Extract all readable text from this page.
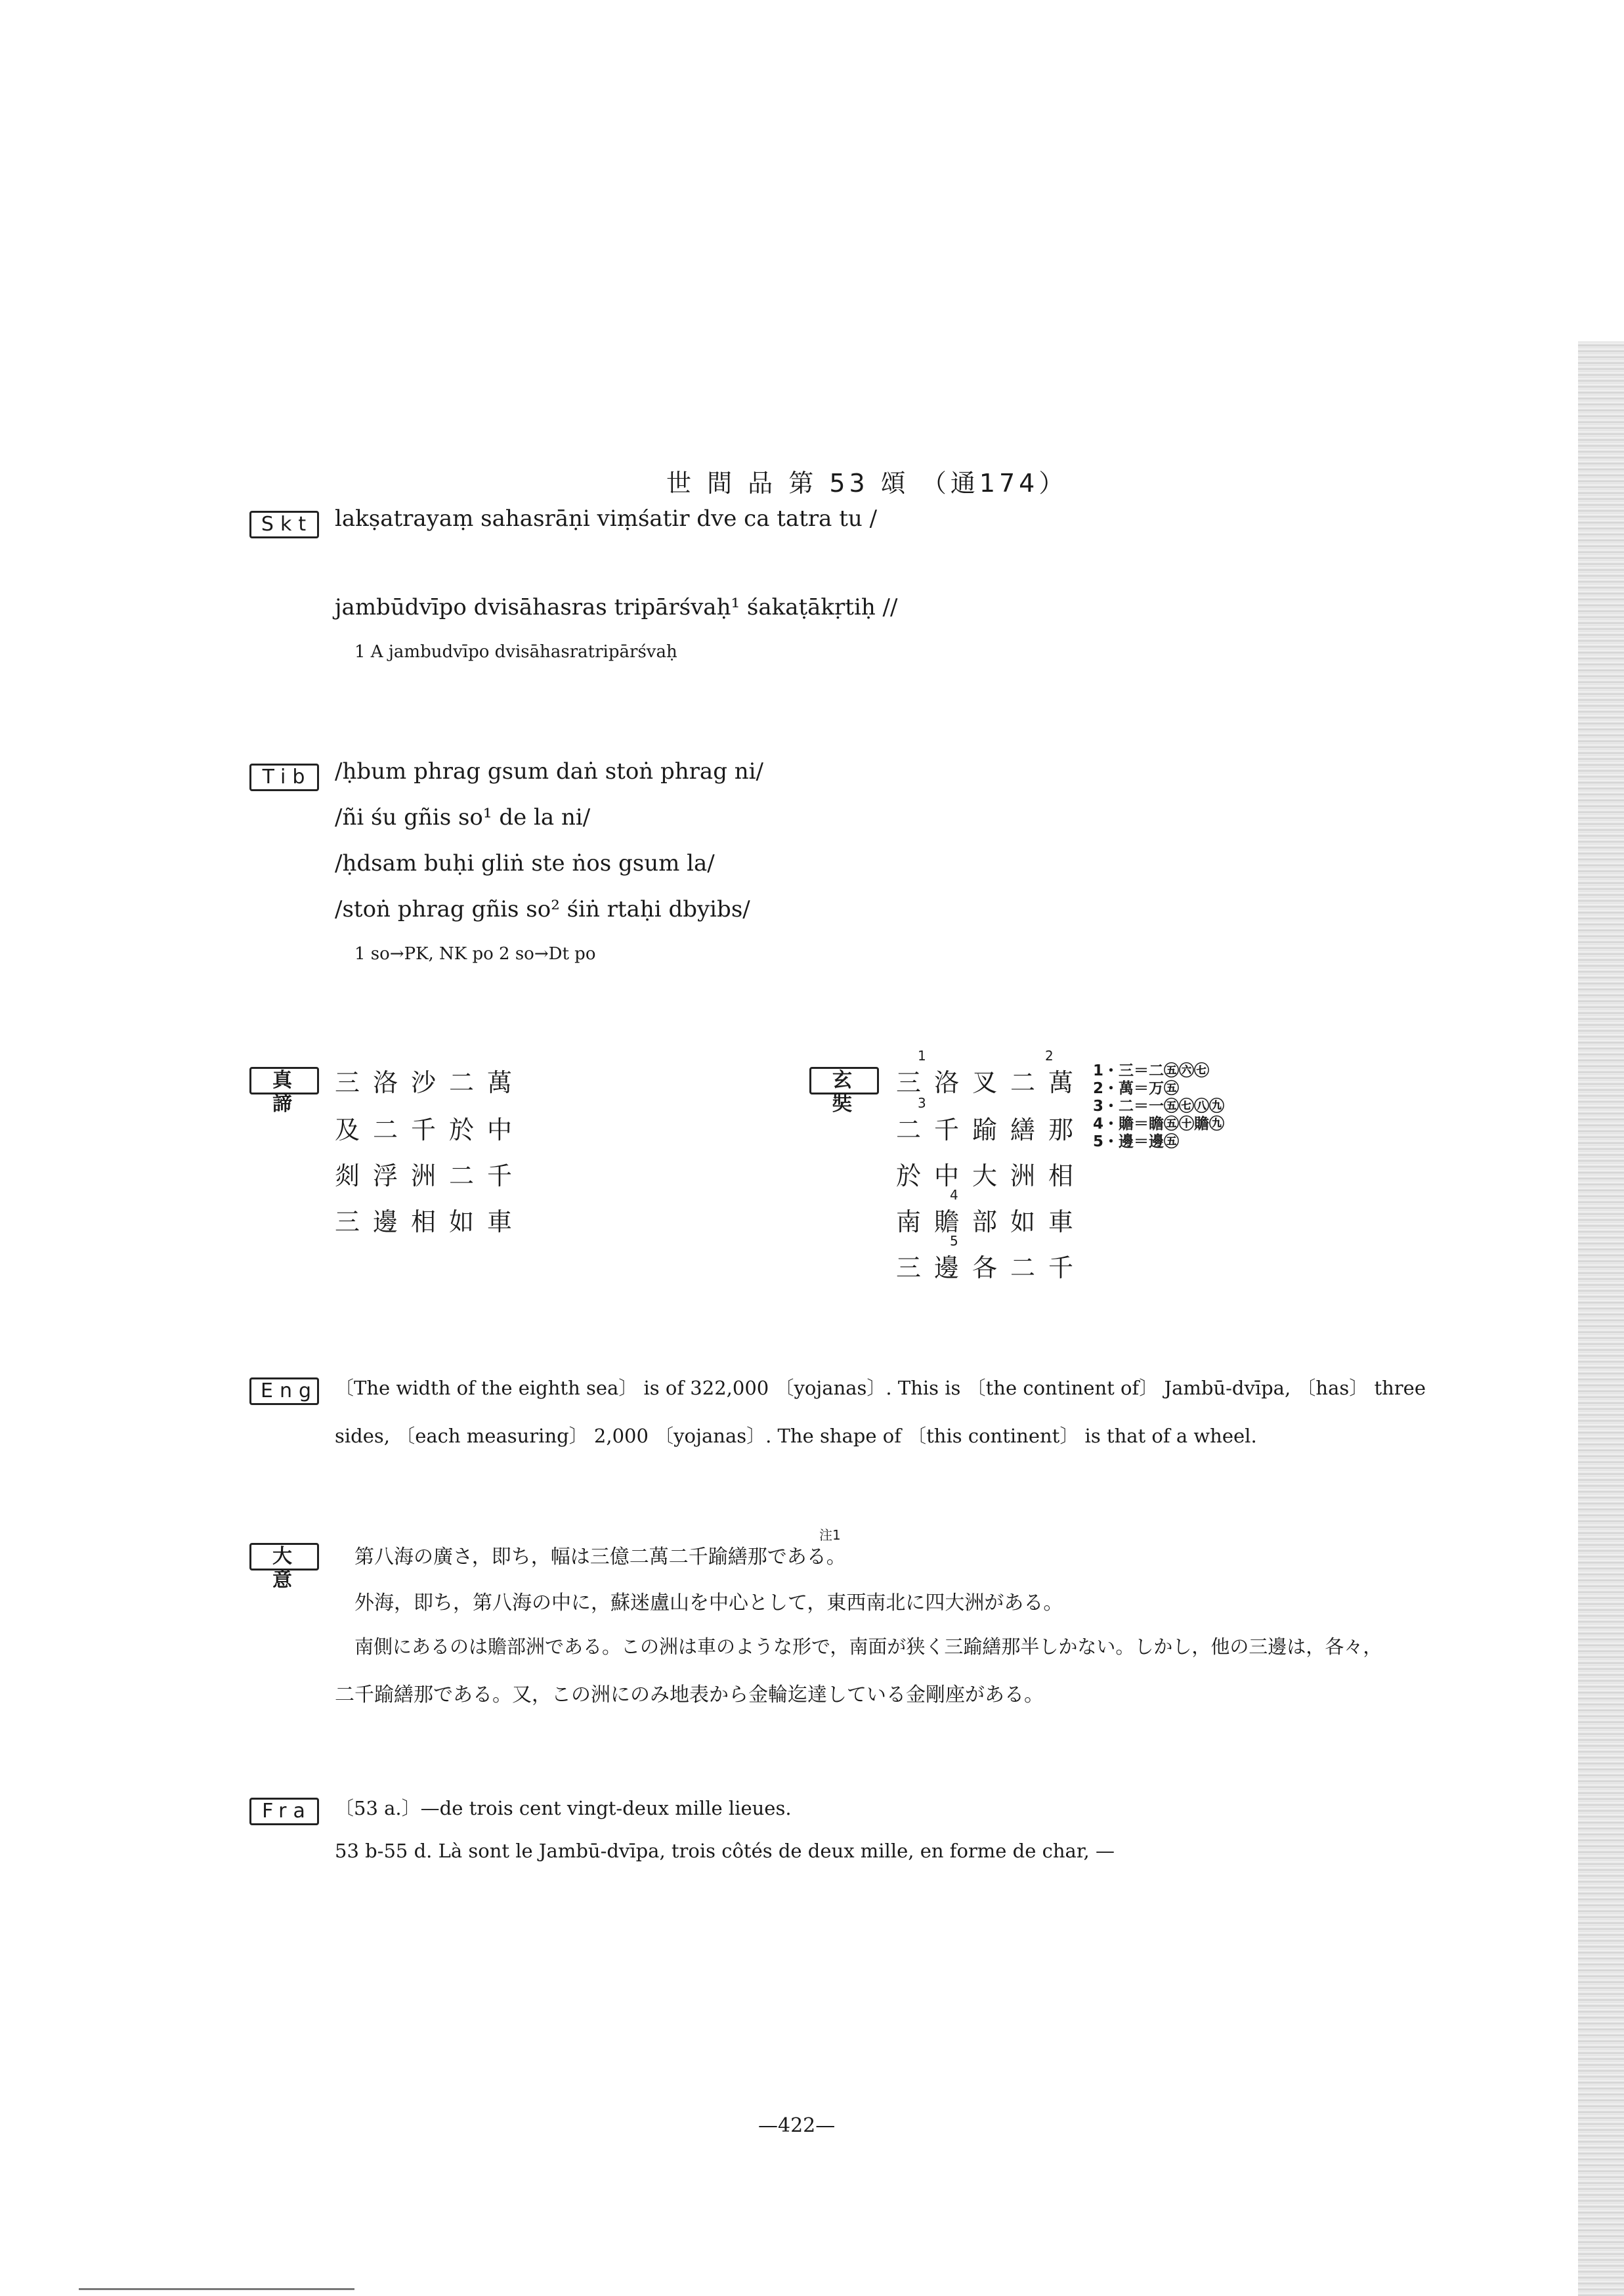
世 間 品 第 53 頌 （通174）
Skt lakṣatrayaṃ sahasrāṇi viṃśatir dve ca tatra tu /
jambūdvīpo dvisāhasras tripārśvaḥ¹ śakaṭākṛtiḥ //
1 A jambudvīpo dvisāhasratripārśvaḥ
Tib	/ḥbum phrag gsum daṅ stoṅ phrag ni/
/ñi śu gñis so¹ de la ni/
/ḥdsam buḥi gliṅ ste ṅos gsum la/
/stoṅ phrag gñis so² śiṅ rtaḥi dbyibs/
1 so→PK, NK po 2 so→Dt po
真諦
三洛沙二萬
及二千於中
剡浮洲二千
三邊相如車
玄奘
三洛叉二萬
二千踰繕那
於中大洲相
南贍部如車
三邊各二千
1	2
3
4
5
1・三＝二㊄㊅㊆
2・萬＝万㊄
3・二＝一㊄㊆㊇㊈
4・贍＝瞻㊄㊉贍㊈
5・邊＝邊㊄
Eng 〔The width of the eighth sea〕 is of 322,000 〔yojanas〕. This is 〔the continent of〕 Jambū-dvīpa, 〔has〕 three
sides, 〔each measuring〕 2,000 〔yojanas〕. The shape of 〔this continent〕 is that of a wheel.
大意
第八海の廣さ，即ち，幅は三億二萬二千踰繕那である。
注1
外海，即ち，第八海の中に，蘇迷盧山を中心として，東西南北に四大洲がある。
南側にあるのは贍部洲である。この洲は車のような形で，南面が狭く三踰繕那半しかない。しかし，他の三邊は，各々，
二千踰繕那である。又，この洲にのみ地表から金輪迄達している金剛座がある。
Fra	〔53 a.〕—de trois cent vingt-deux mille lieues.
53 b-55 d. Là sont le Jambū-dvīpa, trois côtés de deux mille, en forme de char, —
—422—
